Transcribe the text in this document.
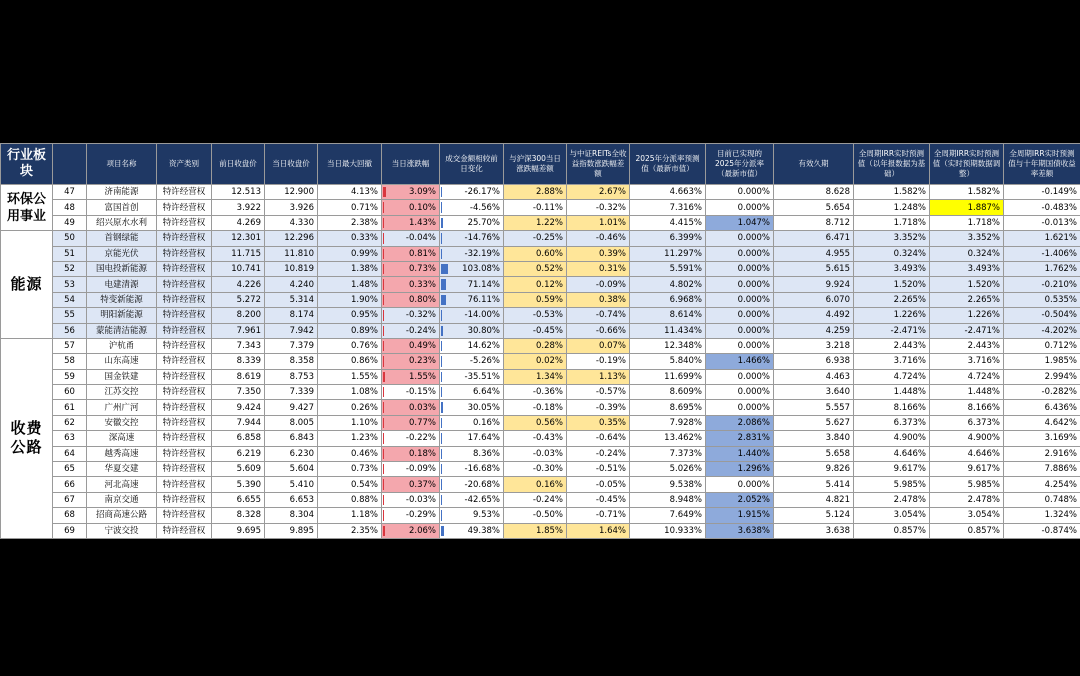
行业板块		项目名称	资产类别	前日收盘价	当日收盘价	当日最大回撤	当日涨跌幅	成交金额相较前日变化	与沪深300当日涨跌幅差额	与中证REITs全收益指数涨跌幅差额	2025年分派率预测值（最新市值）	目前已实现的2025年分派率（最新市值）	有效久期	全周期IRR实时预测值（以年报数据为基础）	全周期IRR实时预测值（实时预期数据调整）	全周期IRR实时预测值与十年期国债收益率差额
环保公用事业	47	济南能源	特许经营权	12.513	12.900	4.13%	3.09%	-26.17%	2.88%	2.67%	4.663%	0.000%	8.628	1.582%	1.582%	-0.149%
	48	富国首创	特许经营权	3.922	3.926	0.71%	0.10%	-4.56%	-0.11%	-0.32%	7.316%	0.000%	5.654	1.248%	1.887%	-0.483%
	49	绍兴原水水利	特许经营权	4.269	4.330	2.38%	1.43%	25.70%	1.22%	1.01%	4.415%	1.047%	8.712	1.718%	1.718%	-0.013%
能源	50	首钢绿能	特许经营权	12.301	12.296	0.33%	-0.04%	-14.76%	-0.25%	-0.46%	6.399%	0.000%	6.471	3.352%	3.352%	1.621%
	51	京能光伏	特许经营权	11.715	11.810	0.99%	0.81%	-32.19%	0.60%	0.39%	11.297%	0.000%	4.955	0.324%	0.324%	-1.406%
	52	国电投新能源	特许经营权	10.741	10.819	1.38%	0.73%	103.08%	0.52%	0.31%	5.591%	0.000%	5.615	3.493%	3.493%	1.762%
	53	电建清源	特许经营权	4.226	4.240	1.48%	0.33%	71.14%	0.12%	-0.09%	4.802%	0.000%	9.924	1.520%	1.520%	-0.210%
	54	特变新能源	特许经营权	5.272	5.314	1.90%	0.80%	76.11%	0.59%	0.38%	6.968%	0.000%	6.070	2.265%	2.265%	0.535%
	55	明阳新能源	特许经营权	8.200	8.174	0.95%	-0.32%	-14.00%	-0.53%	-0.74%	8.614%	0.000%	4.492	1.226%	1.226%	-0.504%
	56	蒙能清洁能源	特许经营权	7.961	7.942	0.89%	-0.24%	30.80%	-0.45%	-0.66%	11.434%	0.000%	4.259	-2.471%	-2.471%	-4.202%
收费公路	57	沪杭甬	特许经营权	7.343	7.379	0.76%	0.49%	14.62%	0.28%	0.07%	12.348%	0.000%	3.218	2.443%	2.443%	0.712%
	58	山东高速	特许经营权	8.339	8.358	0.86%	0.23%	-5.26%	0.02%	-0.19%	5.840%	1.466%	6.938	3.716%	3.716%	1.985%
	59	国金铁建	特许经营权	8.619	8.753	1.55%	1.55%	-35.51%	1.34%	1.13%	11.699%	0.000%	4.463	4.724%	4.724%	2.994%
	60	江苏交控	特许经营权	7.350	7.339	1.08%	-0.15%	6.64%	-0.36%	-0.57%	8.609%	0.000%	3.640	1.448%	1.448%	-0.282%
	61	广州广河	特许经营权	9.424	9.427	0.26%	0.03%	30.05%	-0.18%	-0.39%	8.695%	0.000%	5.557	8.166%	8.166%	6.436%
	62	安徽交控	特许经营权	7.944	8.005	1.10%	0.77%	0.16%	0.56%	0.35%	7.928%	2.086%	5.627	6.373%	6.373%	4.642%
	63	深高速	特许经营权	6.858	6.843	1.23%	-0.22%	17.64%	-0.43%	-0.64%	13.462%	2.831%	3.840	4.900%	4.900%	3.169%
	64	越秀高速	特许经营权	6.219	6.230	0.46%	0.18%	8.36%	-0.03%	-0.24%	7.373%	1.440%	5.658	4.646%	4.646%	2.916%
	65	华夏交建	特许经营权	5.609	5.604	0.73%	-0.09%	-16.68%	-0.30%	-0.51%	5.026%	1.296%	9.826	9.617%	9.617%	7.886%
	66	河北高速	特许经营权	5.390	5.410	0.54%	0.37%	-20.68%	0.16%	-0.05%	9.538%	0.000%	5.414	5.985%	5.985%	4.254%
	67	南京交通	特许经营权	6.655	6.653	0.88%	-0.03%	-42.65%	-0.24%	-0.45%	8.948%	2.052%	4.821	2.478%	2.478%	0.748%
	68	招商高速公路	特许经营权	8.328	8.304	1.18%	-0.29%	9.53%	-0.50%	-0.71%	7.649%	1.915%	5.124	3.054%	3.054%	1.324%
	69	宁波交投	特许经营权	9.695	9.895	2.35%	2.06%	49.38%	1.85%	1.64%	10.933%	3.638%	3.638	0.857%	0.857%	-0.874%
